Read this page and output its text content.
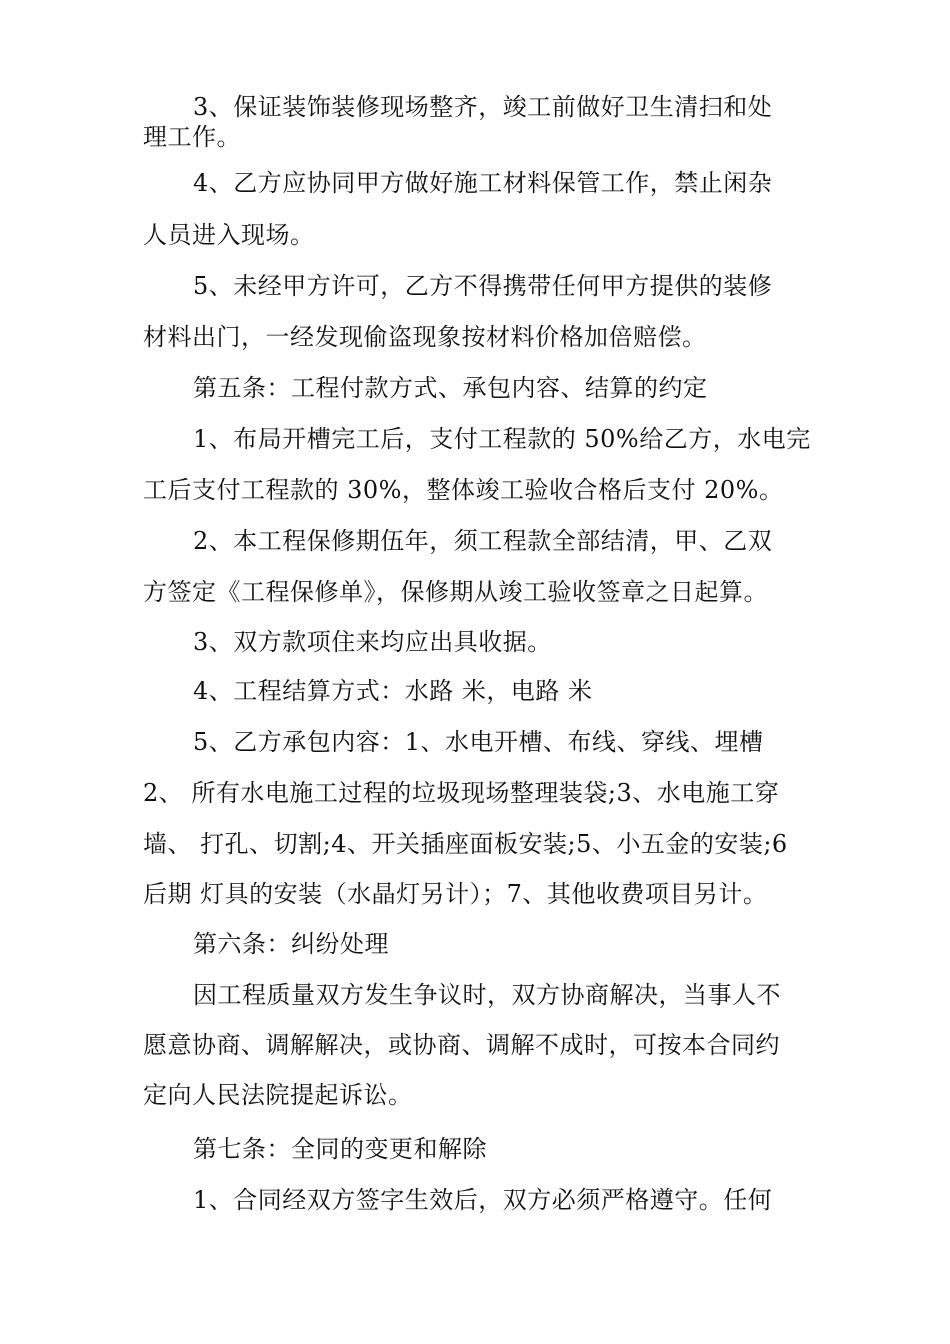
3、保证装饰装修现场整齐，竣工前做好卫生清扫和处
理工作。
4、乙方应协同甲方做好施工材料保管工作，禁止闲杂
人员进入现场。
5、未经甲方许可，乙方不得携带任何甲方提供的装修
材料出门，一经发现偷盗现象按材料价格加倍赔偿。
第五条：工程付款方式、承包内容、结算的约定
1、布局开槽完工后，支付工程款的 50%给乙方，水电完
工后支付工程款的 30%，整体竣工验收合格后支付 20%。
2、本工程保修期伍年，须工程款全部结清，甲、乙双
方签定《工程保修单》，保修期从竣工验收签章之日起算。
3、双方款项住来均应出具收据。
4、工程结算方式：水路 米，电路 米
5、乙方承包内容：1、水电开槽、布线、穿线、埋槽
2、 所有水电施工过程的垃圾现场整理装袋;3、水电施工穿
墙、 打孔、切割;4、开关插座面板安装;5、小五金的安装;6
后期 灯具的安装（水晶灯另计）；7、其他收费项目另计。
第六条：纠纷处理
因工程质量双方发生争议时，双方协商解决，当事人不
愿意协商、调解解决，或协商、调解不成时，可按本合同约
定向人民法院提起诉讼。
第七条：全同的变更和解除
1、合同经双方签字生效后，双方必须严格遵守。任何
